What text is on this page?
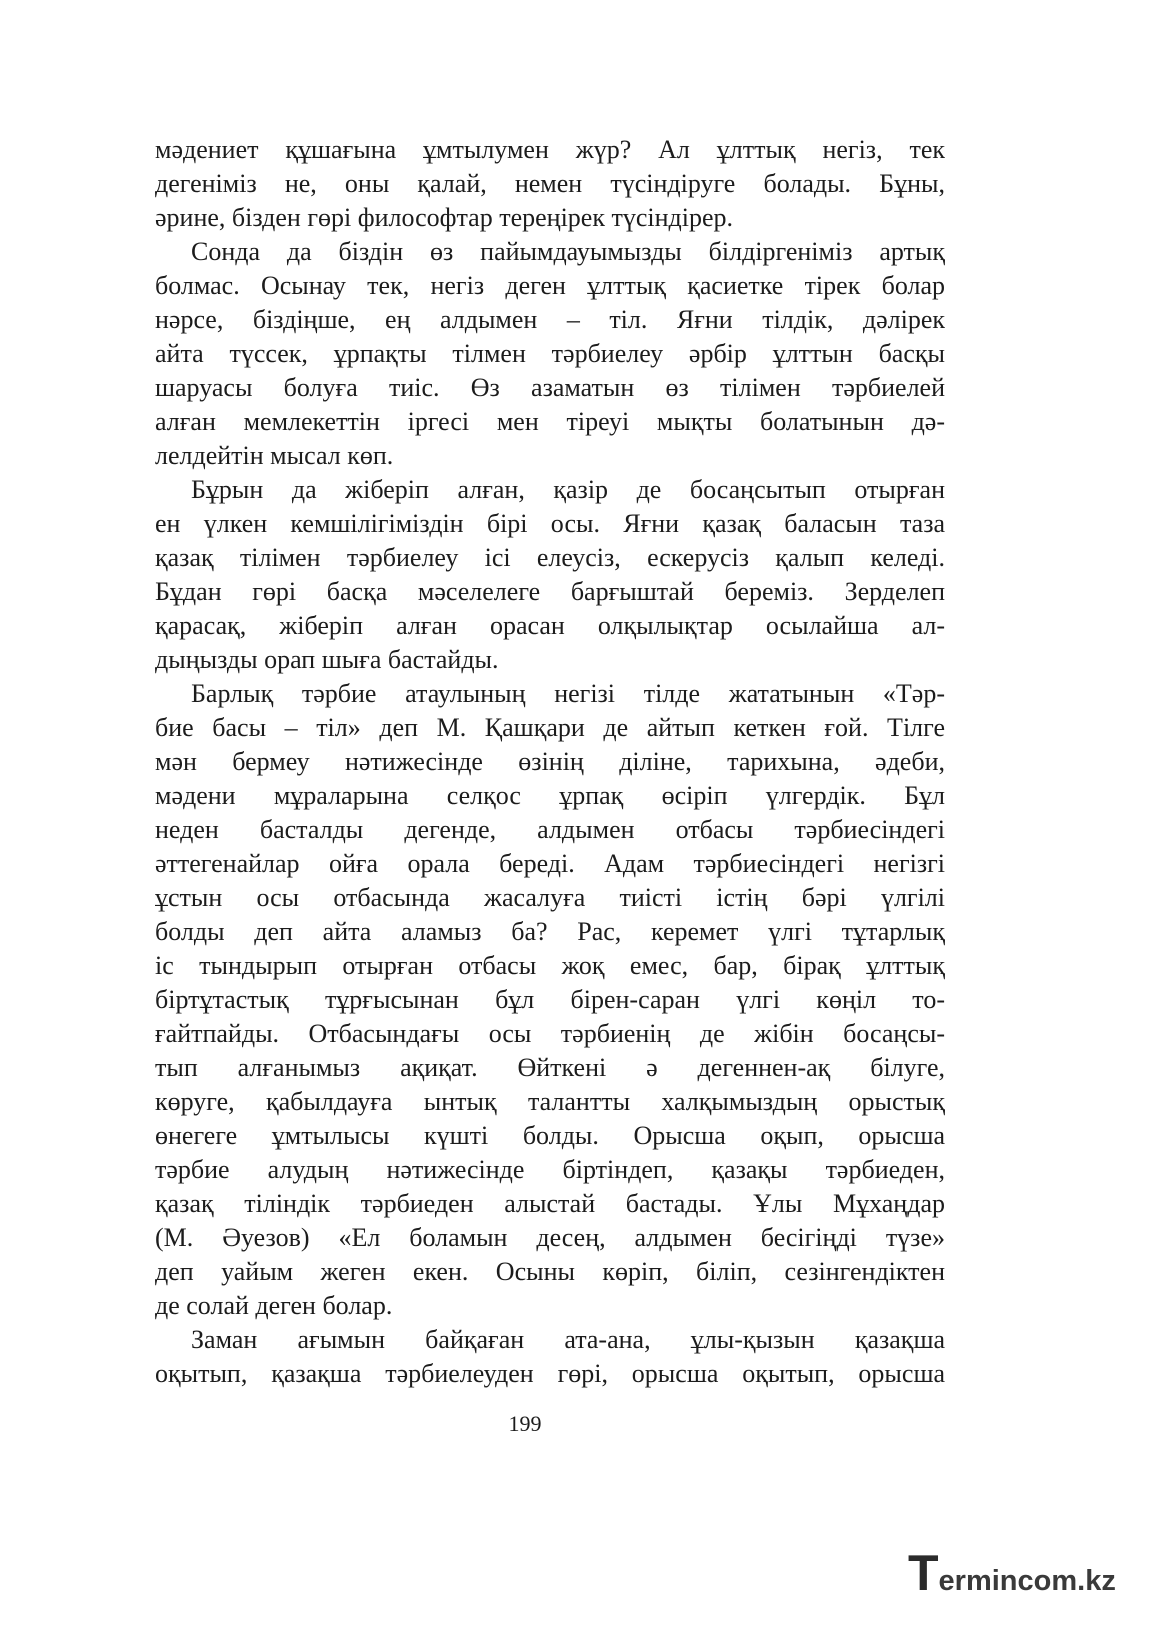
мәдениет құшағына ұмтылумен жүр? Ал ұлттық негіз, тек
дегеніміз не, оны қалай, немен түсіндіруге болады. Бұны,
әрине, бізден гөрі философтар тереңірек түсіндірер.
Сонда да біздін өз пайымдауымызды білдіргеніміз артық
болмас. Осынау тек, негіз деген ұлттық қасиетке тірек болар
нәрсе, біздіңше, ең алдымен – тіл. Яғни тілдік, дәлірек
айта түссек, ұрпақты тілмен тәрбиелеу әрбір ұлттын басқы
шаруасы болуға тиіс. Өз азаматын өз тілімен тәрбиелей
алған мемлекеттін іргесі мен тіреуі мықты болатынын дә-
лелдейтін мысал көп.
Бұрын да жіберіп алған, қазір де босаңсытып отырған
ен үлкен кемшілігіміздін бірі осы. Яғни қазақ баласын таза
қазақ тілімен тәрбиелеу ісі елеусіз, ескерусіз қалып келеді.
Бұдан гөрі басқа мәселелеге барғыштай береміз. Зерделеп
қарасақ, жіберіп алған орасан олқылықтар осылайша ал-
дыңызды орап шыға бастайды.
Барлық тәрбие атаулының негізі тілде жататынын «Тәр-
бие басы – тіл» деп М. Қашқари де айтып кеткен ғой. Тілге
мән бермеу нәтижесінде өзінің діліне, тарихына, әдеби,
мәдени мұраларына селқос ұрпақ өсіріп үлгердік. Бұл
неден басталды дегенде, алдымен отбасы тәрбиесіндегі
әттегенайлар ойға орала береді. Адам тәрбиесіндегі негізгі
ұстын осы отбасында жасалуға тиісті істің бәрі үлгілі
болды деп айта аламыз ба? Рас, керемет үлгі тұтарлық
іс тындырып отырған отбасы жоқ емес, бар, бірақ ұлттық
біртұтастық тұрғысынан бұл бірен-саран үлгі көңіл то-
ғайтпайды. Отбасындағы осы тәрбиенің де жібін босаңсы-
тып алғанымыз ақиқат. Өйткені ә дегеннен-ақ білуге,
көруге, қабылдауға ынтық талантты халқымыздың орыстық
өнегеге ұмтылысы күшті болды. Орысша оқып, орысша
тәрбие алудың нәтижесінде біртіндеп, қазақы тәрбиеден,
қазақ тіліндік тәрбиеден алыстай бастады. Ұлы Мұхаңдар
(М. Әуезов) «Ел боламын десең, алдымен бесігіңді түзе»
деп уайым жеген екен. Осыны көріп, біліп, сезінгендіктен
де солай деген болар.
Заман ағымын байқаған ата-ана, ұлы-қызын қазақша
оқытып, қазақша тәрбиелеуден гөрі, орысша оқытып, орысша
199
Termincom.kz
